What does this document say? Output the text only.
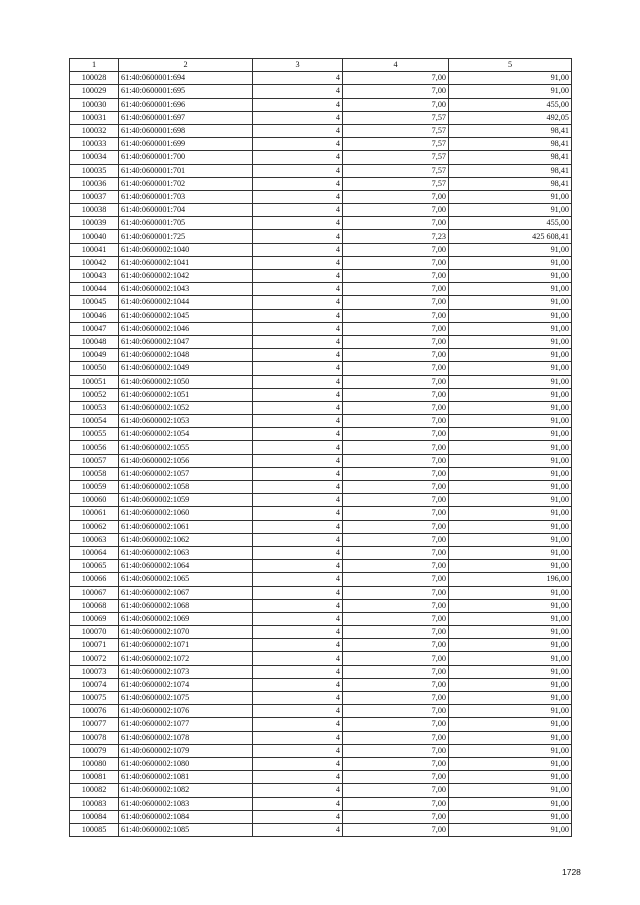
1	2	3	4	5
100028	61:40:0600001:694	4	7,00	91,00
100029	61:40:0600001:695	4	7,00	91,00
100030	61:40:0600001:696	4	7,00	455,00
100031	61:40:0600001:697	4	7,57	492,05
100032	61:40:0600001:698	4	7,57	98,41
100033	61:40:0600001:699	4	7,57	98,41
100034	61:40:0600001:700	4	7,57	98,41
100035	61:40:0600001:701	4	7,57	98,41
100036	61:40:0600001:702	4	7,57	98,41
100037	61:40:0600001:703	4	7,00	91,00
100038	61:40:0600001:704	4	7,00	91,00
100039	61:40:0600001:705	4	7,00	455,00
100040	61:40:0600001:725	4	7,23	425 608,41
100041	61:40:0600002:1040	4	7,00	91,00
100042	61:40:0600002:1041	4	7,00	91,00
100043	61:40:0600002:1042	4	7,00	91,00
100044	61:40:0600002:1043	4	7,00	91,00
100045	61:40:0600002:1044	4	7,00	91,00
100046	61:40:0600002:1045	4	7,00	91,00
100047	61:40:0600002:1046	4	7,00	91,00
100048	61:40:0600002:1047	4	7,00	91,00
100049	61:40:0600002:1048	4	7,00	91,00
100050	61:40:0600002:1049	4	7,00	91,00
100051	61:40:0600002:1050	4	7,00	91,00
100052	61:40:0600002:1051	4	7,00	91,00
100053	61:40:0600002:1052	4	7,00	91,00
100054	61:40:0600002:1053	4	7,00	91,00
100055	61:40:0600002:1054	4	7,00	91,00
100056	61:40:0600002:1055	4	7,00	91,00
100057	61:40:0600002:1056	4	7,00	91,00
100058	61:40:0600002:1057	4	7,00	91,00
100059	61:40:0600002:1058	4	7,00	91,00
100060	61:40:0600002:1059	4	7,00	91,00
100061	61:40:0600002:1060	4	7,00	91,00
100062	61:40:0600002:1061	4	7,00	91,00
100063	61:40:0600002:1062	4	7,00	91,00
100064	61:40:0600002:1063	4	7,00	91,00
100065	61:40:0600002:1064	4	7,00	91,00
100066	61:40:0600002:1065	4	7,00	196,00
100067	61:40:0600002:1067	4	7,00	91,00
100068	61:40:0600002:1068	4	7,00	91,00
100069	61:40:0600002:1069	4	7,00	91,00
100070	61:40:0600002:1070	4	7,00	91,00
100071	61:40:0600002:1071	4	7,00	91,00
100072	61:40:0600002:1072	4	7,00	91,00
100073	61:40:0600002:1073	4	7,00	91,00
100074	61:40:0600002:1074	4	7,00	91,00
100075	61:40:0600002:1075	4	7,00	91,00
100076	61:40:0600002:1076	4	7,00	91,00
100077	61:40:0600002:1077	4	7,00	91,00
100078	61:40:0600002:1078	4	7,00	91,00
100079	61:40:0600002:1079	4	7,00	91,00
100080	61:40:0600002:1080	4	7,00	91,00
100081	61:40:0600002:1081	4	7,00	91,00
100082	61:40:0600002:1082	4	7,00	91,00
100083	61:40:0600002:1083	4	7,00	91,00
100084	61:40:0600002:1084	4	7,00	91,00
100085	61:40:0600002:1085	4	7,00	91,00
1728
